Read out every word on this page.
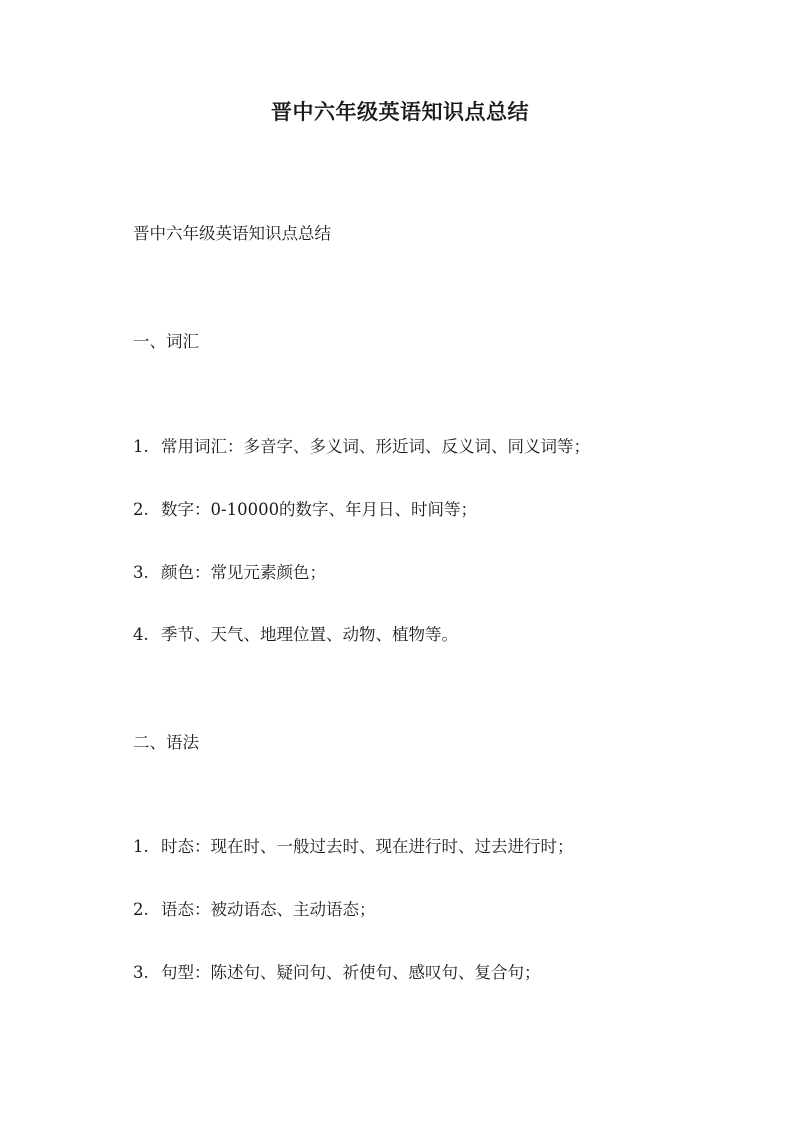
晋中六年级英语知识点总结
晋中六年级英语知识点总结
一、词汇
1. 常用词汇：多音字、多义词、形近词、反义词、同义词等；
2. 数字：0-10000的数字、年月日、时间等；
3. 颜色：常见元素颜色；
4. 季节、天气、地理位置、动物、植物等。
二、语法
1. 时态：现在时、一般过去时、现在进行时、过去进行时；
2. 语态：被动语态、主动语态；
3. 句型：陈述句、疑问句、祈使句、感叹句、复合句；
